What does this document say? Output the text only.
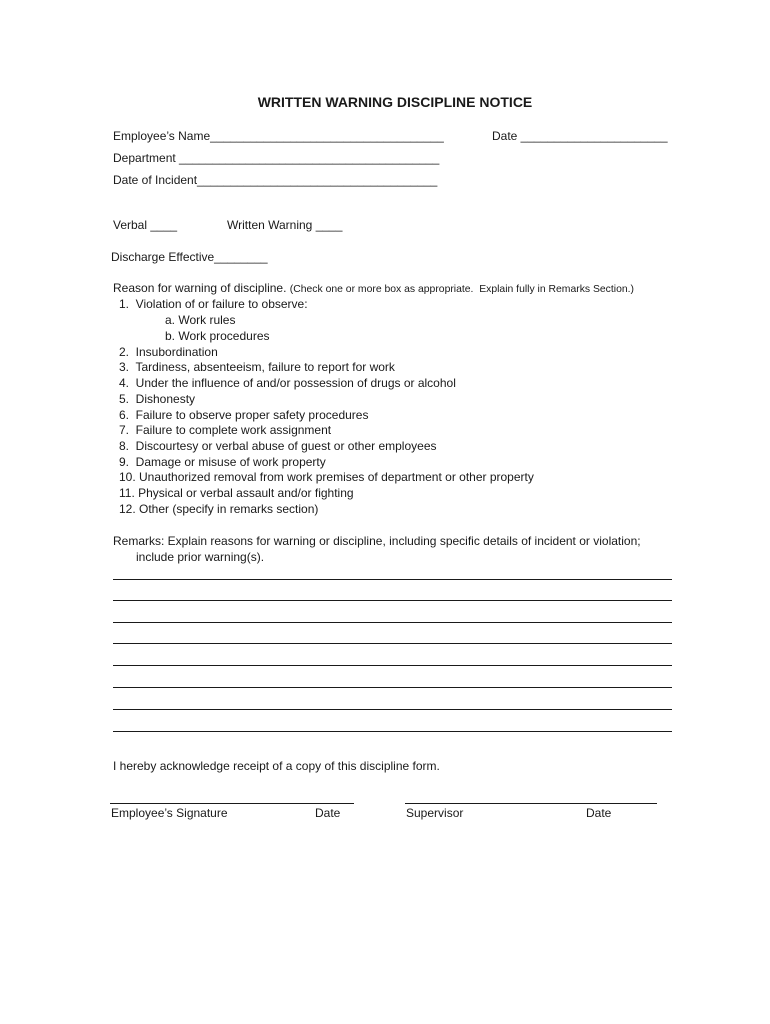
WRITTEN WARNING DISCIPLINE NOTICE
Employee’s Name___________________________________	Date ______________________
Department _______________________________________
Date of Incident____________________________________
Verbal ____	Written Warning ____
Discharge Effective________
Reason for warning of discipline. (Check one or more box as appropriate.  Explain fully in Remarks Section.)
1.  Violation of or failure to observe:
a. Work rules
b. Work procedures
2.  Insubordination
3.  Tardiness, absenteeism, failure to report for work
4.  Under the influence of and/or possession of drugs or alcohol
5.  Dishonesty
6.  Failure to observe proper safety procedures
7.  Failure to complete work assignment
8.  Discourtesy or verbal abuse of guest or other employees
9.  Damage or misuse of work property
10. Unauthorized removal from work premises of department or other property
11. Physical or verbal assault and/or fighting
12. Other (specify in remarks section)
Remarks: Explain reasons for warning or discipline, including specific details of incident or violation;
include prior warning(s).
I hereby acknowledge receipt of a copy of this discipline form.
Employee’s Signature	Date	Supervisor	Date
